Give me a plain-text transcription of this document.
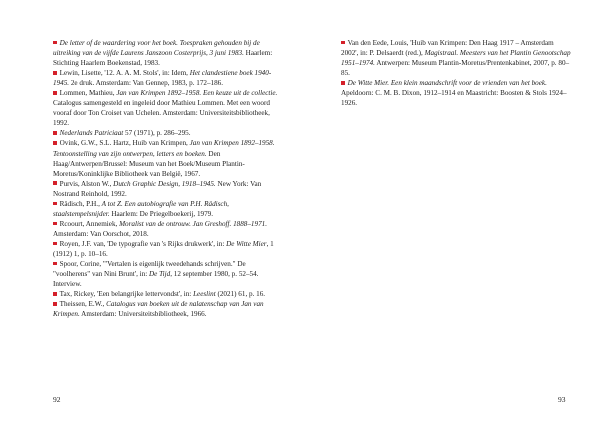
De letter of de waardering voor het boek. Toespraken gehouden bij de uitreiking van de vijfde Laurens Janszoon Costerprijs, 3 juni 1983. Haarlem: Stichting Haarlem Boekenstad, 1983.

Lewin, Lisette, '12. A. A. M. Stols', in: Idem, Het clandestiene boek 1940-1945. 2e druk. Amsterdam: Van Gennep, 1983, p. 172–186.

Lommen, Mathieu, Jan van Krimpen 1892–1958. Een keuze uit de collectie. Catalogus samengesteld en ingeleid door Mathieu Lommen. Met een woord vooraf door Ton Croiset van Uchelen. Amsterdam: Universiteitsbibliotheek, 1992.

Nederlands Patriciaat 57 (1971), p. 286–295.

Ovink, G.W., S.L. Hartz, Huib van Krimpen, Jan van Krimpen 1892–1958. Tentoonstelling van zijn ontwerpen, letters en boeken. Den Haag/Antwerpen/Brussel: Museum van het Boek/Museum Plantin-Moretus/Koninklijke Bibliotheek van België, 1967.

Purvis, Alston W., Dutch Graphic Design, 1918–1945. New York: Van Nostrand Reinhold, 1992.

Rädisch, P.H., A tot Z. Een autobiografie van P.H. Rädisch, staalstempelsnijder. Haarlem: De Priegelboekerij, 1979.

Rcoourt, Annemiek, Moralist van de ontrouw. Jan Greshoff. 1888–1971. Amsterdam: Van Oorschot, 2018.

Royen, J.F. van, 'De typografie van 's Rijks drukwerk', in: De Witte Mier, 1 (1912) 1, p. 10–16.

Spoor, Corine, '"Vertalen is eigenlijk tweedehands schrijven." De "voolherens" van Nini Brunt', in: De Tijd, 12 september 1980, p. 52–54. Interview.

Tax, Rickey, 'Een belangrijke lettervondst', in: Leeslint (2021) 61, p. 16.

Theissen, E.W., Catalogus van boeken uit de nalatenschap van Jan van Krimpen. Amsterdam: Universiteitsbibliotheek, 1966.

92

Van den Eede, Louis, 'Huib van Krimpen: Den Haag 1917 – Amsterdam 2002', in: P. Delsaerdt (red.), Magistraal. Meesters van het Plantin Genootschap 1951–1974. Antwerpen: Museum Plantin-Moretus/Prentenkabinet, 2007, p. 80–85.

De Witte Mier. Een klein maandschrift voor de vrienden van het boek. Apeldoorn: C. M. B. Dixon, 1912–1914 en Maastricht: Boosten & Stols 1924–1926.

93
